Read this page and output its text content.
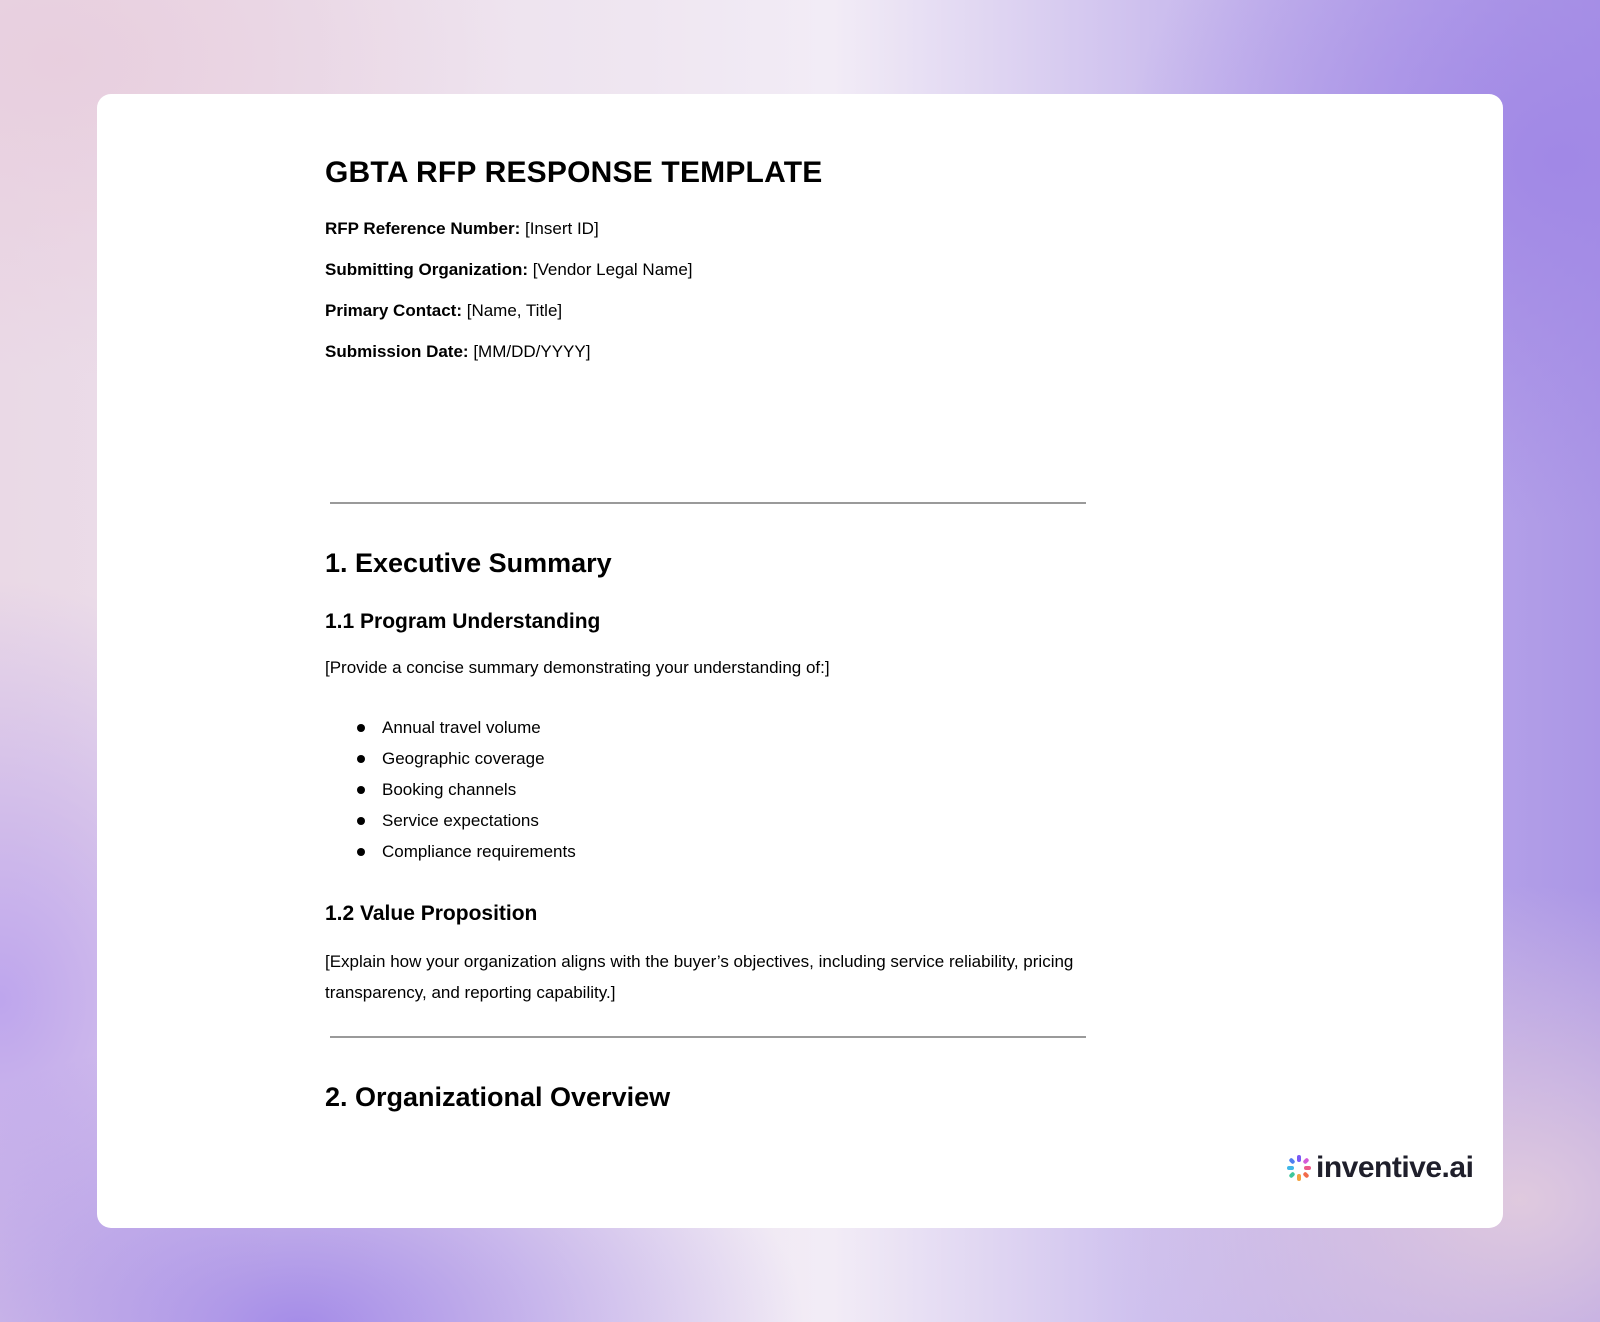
GBTA RFP RESPONSE TEMPLATE
RFP Reference Number: [Insert ID]
Submitting Organization: [Vendor Legal Name]
Primary Contact: [Name, Title]
Submission Date: [MM/DD/YYYY]
1. Executive Summary
1.1 Program Understanding
[Provide a concise summary demonstrating your understanding of:]
Annual travel volume
Geographic coverage
Booking channels
Service expectations
Compliance requirements
1.2 Value Proposition
[Explain how your organization aligns with the buyer’s objectives, including service reliability, pricing transparency, and reporting capability.]
2. Organizational Overview
inventive.ai
